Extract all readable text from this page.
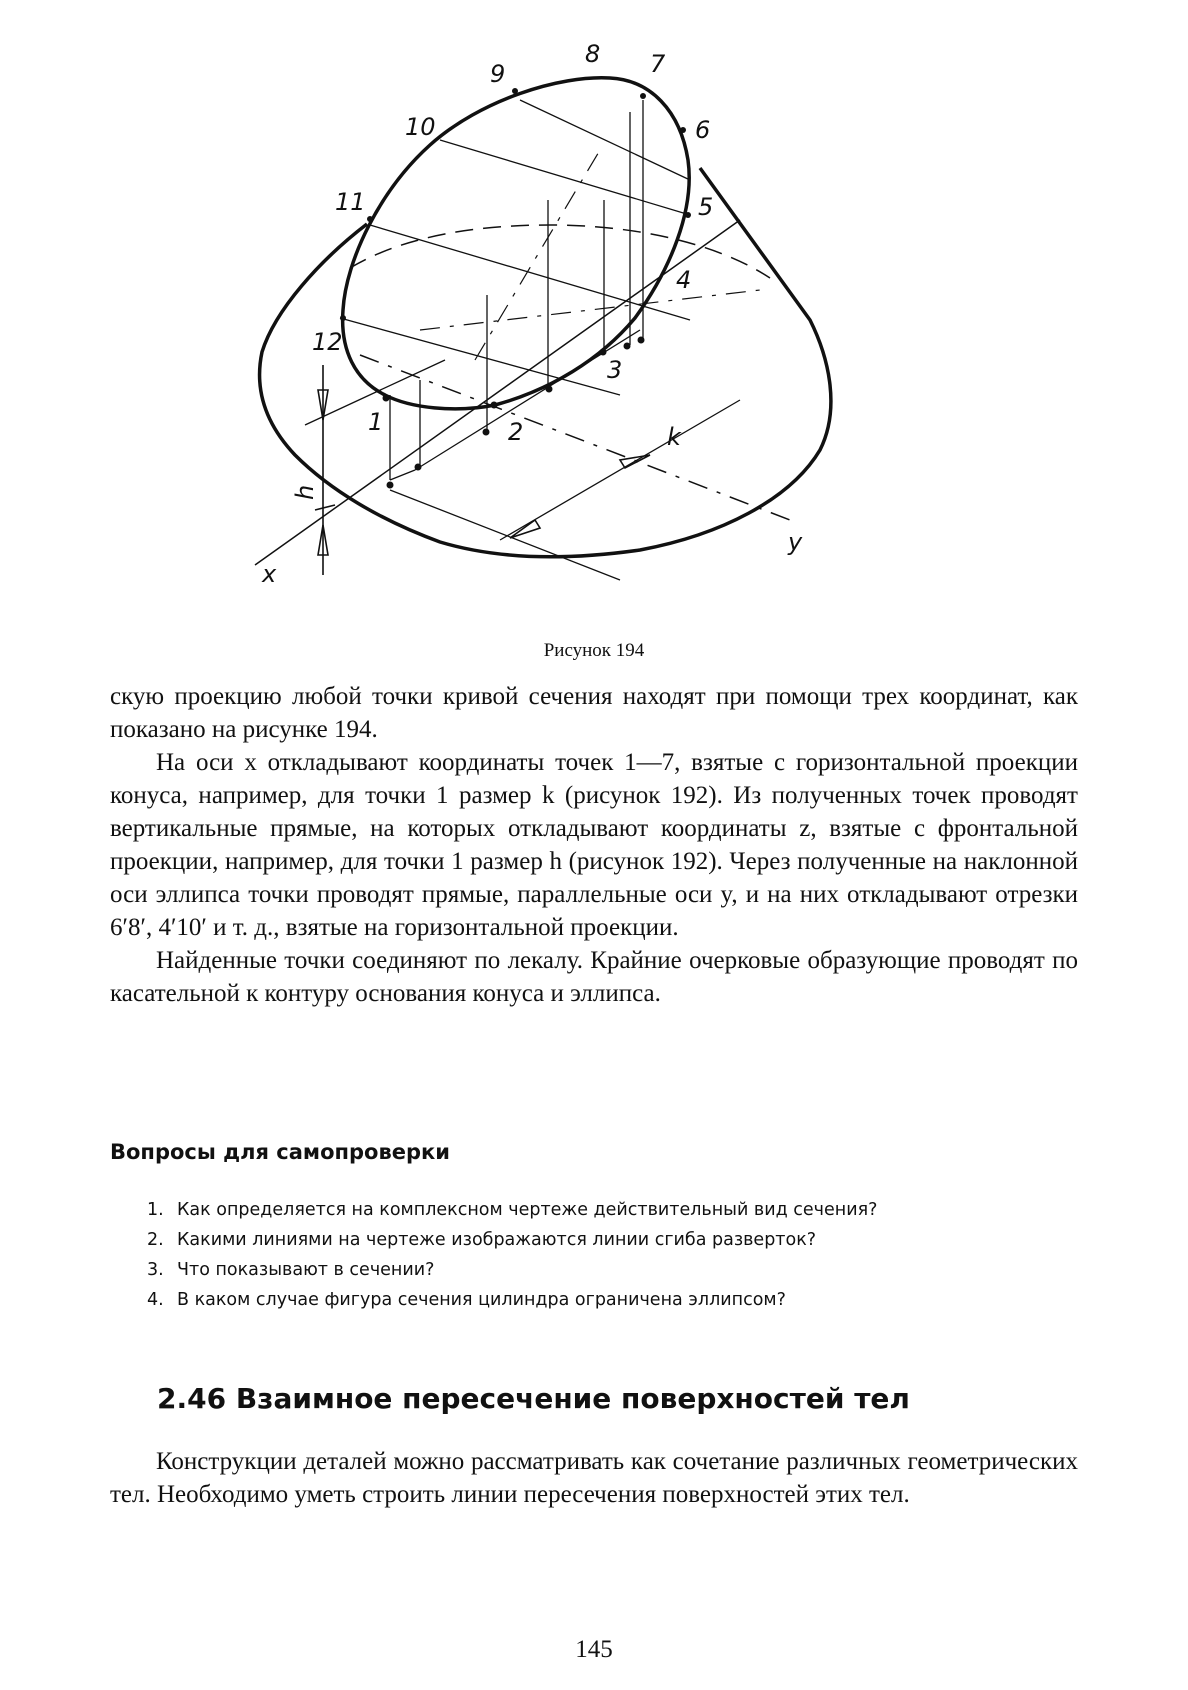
1	2
3
4
5
6
7
8
9
10
11
12
x
y
k
h
Рисунок 194

скую проекцию любой точки кривой сечения находят при помощи трех координат, как показано на рисунке 194.

На оси x откладывают координаты точек 1—7, взятые с горизонтальной проекции конуса, например, для точки 1 размер k (рисунок 192). Из полученных точек проводят вертикальные прямые, на которых откладывают координаты z, взятые с фронтальной проекции, например, для точки 1 размер h (рисунок 192). Через полученные на наклонной оси эллипса точки проводят прямые, параллельные оси y, и на них откладывают отрезки 6′8′, 4′10′ и т. д., взятые на горизонтальной проекции.

Найденные точки соединяют по лекалу. Крайние очерковые образующие проводят по касательной к контуру основания конуса и эллипса.

Вопросы для самопроверки
1. Как определяется на комплексном чертеже действительный вид сечения?
2. Какими линиями на чертеже изображаются линии сгиба разверток?
3. Что показывают в сечении?
4. В каком случае фигура сечения цилиндра ограничена эллипсом?
2.46 Взаимное пересечение поверхностей тел

Конструкции деталей можно рассматривать как сочетание различных геометрических тел. Необходимо уметь строить линии пересечения поверхностей этих тел.

145
